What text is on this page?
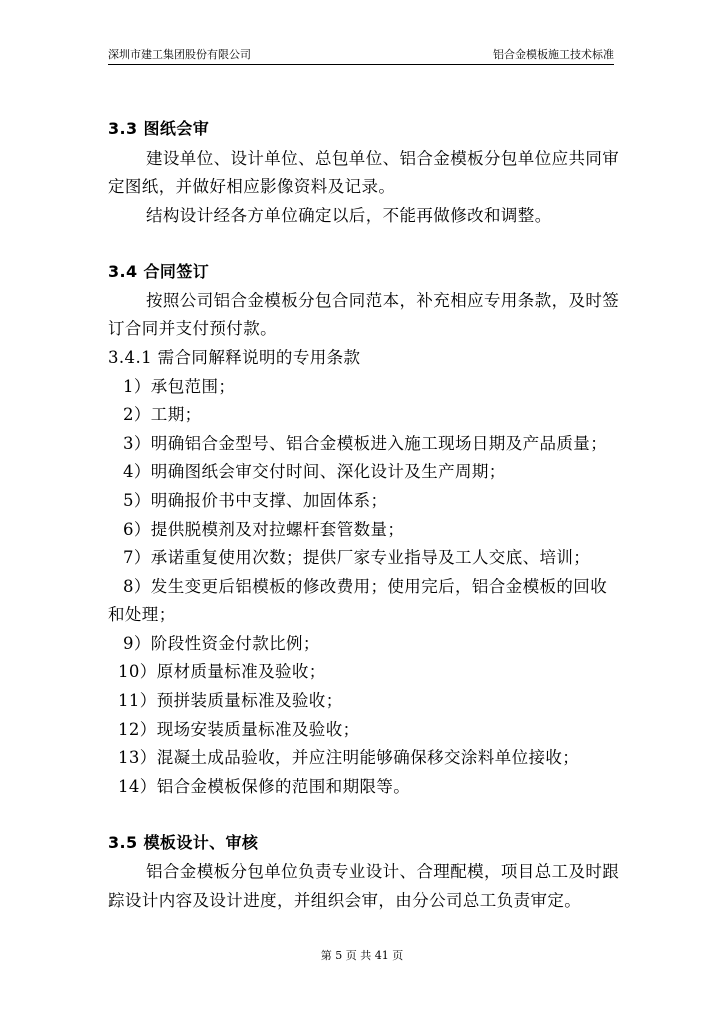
深圳市建工集团股份有限公司	铝合金模板施工技术标准
3.3 图纸会审
建设单位、设计单位、总包单位、铝合金模板分包单位应共同审
定图纸，并做好相应影像资料及记录。
结构设计经各方单位确定以后，不能再做修改和调整。
3.4 合同签订
按照公司铝合金模板分包合同范本，补充相应专用条款，及时签
订合同并支付预付款。
3.4.1 需合同解释说明的专用条款
1）承包范围；
2）工期；
3）明确铝合金型号、铝合金模板进入施工现场日期及产品质量；
4）明确图纸会审交付时间、深化设计及生产周期；
5）明确报价书中支撑、加固体系；
6）提供脱模剂及对拉螺杆套管数量；
7）承诺重复使用次数；提供厂家专业指导及工人交底、培训；
8）发生变更后铝模板的修改费用；使用完后，铝合金模板的回收
和处理；
9）阶段性资金付款比例；
10）原材质量标准及验收；
11）预拼装质量标准及验收；
12）现场安装质量标准及验收；
13）混凝土成品验收，并应注明能够确保移交涂料单位接收；
14）铝合金模板保修的范围和期限等。
3.5 模板设计、审核
铝合金模板分包单位负责专业设计、合理配模，项目总工及时跟
踪设计内容及设计进度，并组织会审，由分公司总工负责审定。
第 5 页 共 41 页
